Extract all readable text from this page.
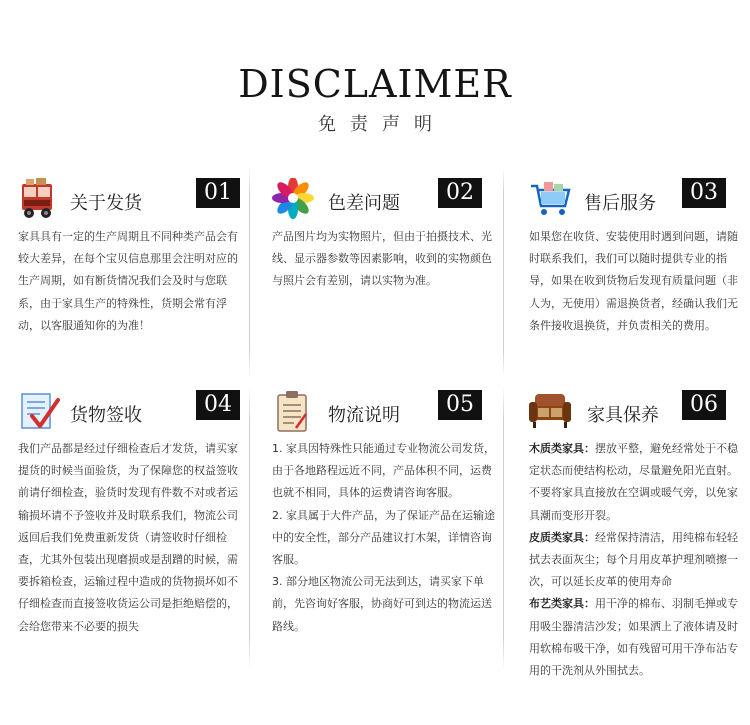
DISCLAIMER
免责声明
关于发货	01
家具具有一定的生产周期且不同种类产品会有较大差异，在每个宝贝信息那里会注明对应的生产周期，如有断货情况我们会及时与您联系，由于家具生产的特殊性，货期会常有浮动，以客服通知你的为准！
色差问题	02
产品图片均为实物照片，但由于拍摄技术、光线、显示器参数等因素影响，收到的实物颜色与照片会有差别，请以实物为准。
售后服务	03
如果您在收货、安装使用时遇到问题，请随时联系我们，我们可以随时提供专业的指导，如果在收到货物后发现有质量问题（非人为，无使用）需退换货者，经确认我们无条件接收退换货，并负责相关的费用。
货物签收	04
我们产品都是经过仔细检查后才发货，请买家提货的时候当面验货，为了保障您的权益签收前请仔细检查，验货时发现有件数不对或者运输损坏请不予签收并及时联系我们，物流公司返回后我们免费重新发货（请签收时仔细检查，尤其外包装出现磨损或是刮蹭的时候，需要拆箱检查，运输过程中造成的货物损坏如不仔细检查而直接签收货运公司是拒绝赔偿的，会给您带来不必要的损失
物流说明	05

1. 家具因特殊性只能通过专业物流公司发货，由于各地路程远近不同，产品体积不同，运费也就不相同，具体的运费请咨询客服。

2. 家具属于大件产品，为了保证产品在运输途中的安全性，部分产品建议打木架，详情咨询客服。

3. 部分地区物流公司无法到达，请买家下单前，先咨询好客服，协商好可到达的物流运送路线。

家具保养	06
木质类家具：摆放平整，避免经常处于不稳定状态而使结构松动，尽量避免阳光直射。不要将家具直接放在空调或暖气旁，以免家具潮而变形开裂。
皮质类家具：经常保持清洁，用纯棉布轻轻拭去表面灰尘；每个月用皮革护理剂喷擦一次，可以延长皮革的使用寿命
布艺类家具：用干净的棉布、羽制毛掸或专用吸尘器清洁沙发；如果洒上了液体请及时用软棉布吸干净，如有残留可用干净布沾专用的干洗剂从外围拭去。
